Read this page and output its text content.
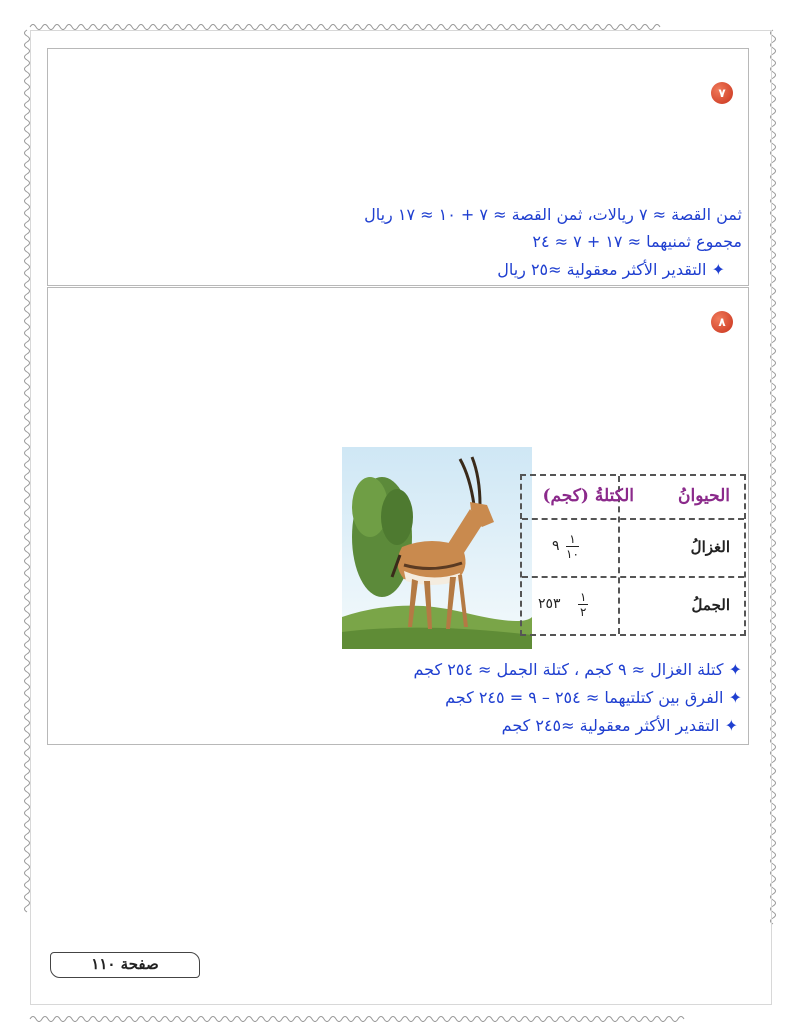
٧
ثمن القصة ≈ ٧ ريالات، ثمن القصة ≈ ٧ + ١٠ ≈ ١٧ ريال
مجموع ثمنيهما ≈ ١٧ + ٧ ≈ ٢٤
✦ التقدير الأكثر معقولية ≈٢٥ ريال
٨
الحيوانُ
الكتلةُ (كجم)
الغزالُ
١
١٠
٩
الجملُ
١
٢
٢٥٣
✦ كتلة الغزال ≈ ٩ كجم ، كتلة الجمل ≈ ٢٥٤ كجم
✦ الفرق بين كتلتيهما ≈ ٢٥٤ – ٩ = ٢٤٥ كجم
✦ التقدير الأكثر معقولية ≈٢٤٥ كجم
صفحة ١١٠
